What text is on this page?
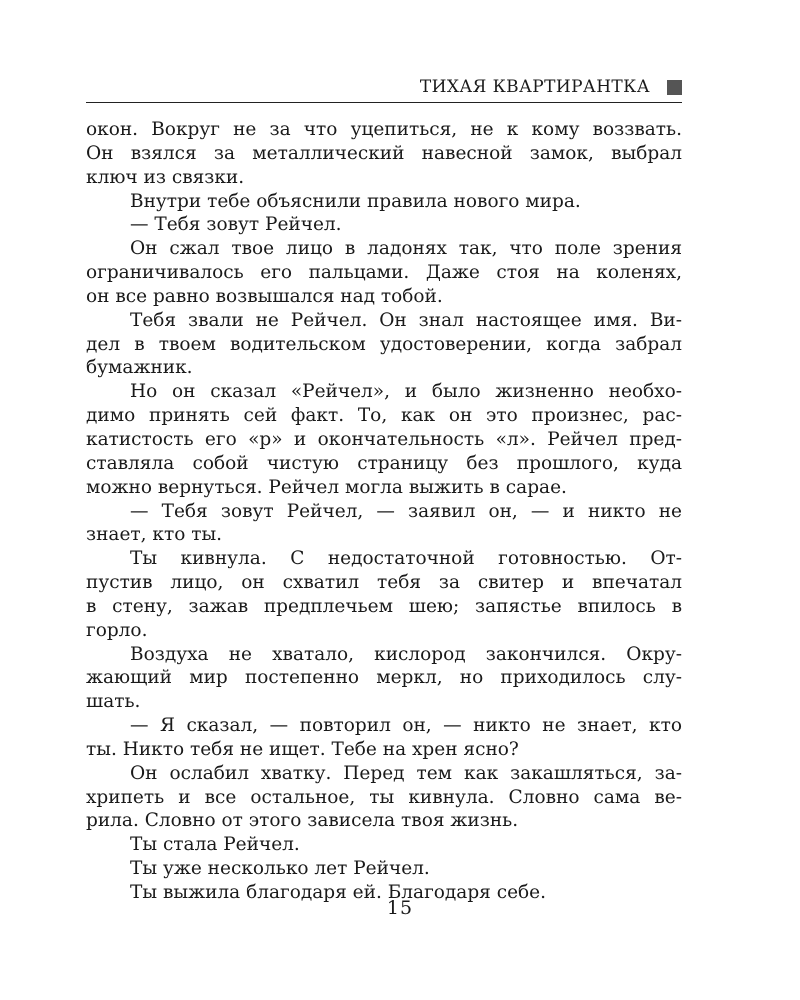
ТИХАЯ КВАРТИРАНТКА
окон. Вокруг не за что уцепиться, не к кому воззвать.
Он взялся за металлический навесной замок, выбрал
ключ из связки.
Внутри тебе объяснили правила нового мира.
— Тебя зовут Рейчел.
Он сжал твое лицо в ладонях так, что поле зрения
ограничивалось его пальцами. Даже стоя на коленях,
он все равно возвышался над тобой.
Тебя звали не Рейчел. Он знал настоящее имя. Ви-
дел в твоем водительском удостоверении, когда забрал
бумажник.
Но он сказал «Рейчел», и было жизненно необхо-
димо принять сей факт. То, как он это произнес, рас-
катистость его «р» и окончательность «л». Рейчел пред-
ставляла собой чистую страницу без прошлого, куда
можно вернуться. Рейчел могла выжить в сарае.
— Тебя зовут Рейчел, — заявил он, — и никто не
знает, кто ты.
Ты кивнула. С недостаточной готовностью. От-
пустив лицо, он схватил тебя за свитер и впечатал
в стену, зажав предплечьем шею; запястье впилось в
горло.
Воздуха не хватало, кислород закончился. Окру-
жающий мир постепенно меркл, но приходилось слу-
шать.
— Я сказал, — повторил он, — никто не знает, кто
ты. Никто тебя не ищет. Тебе на хрен ясно?
Он ослабил хватку. Перед тем как закашляться, за-
хрипеть и все остальное, ты кивнула. Словно сама ве-
рила. Словно от этого зависела твоя жизнь.
Ты стала Рейчел.
Ты уже несколько лет Рейчел.
Ты выжила благодаря ей. Благодаря себе.
15
